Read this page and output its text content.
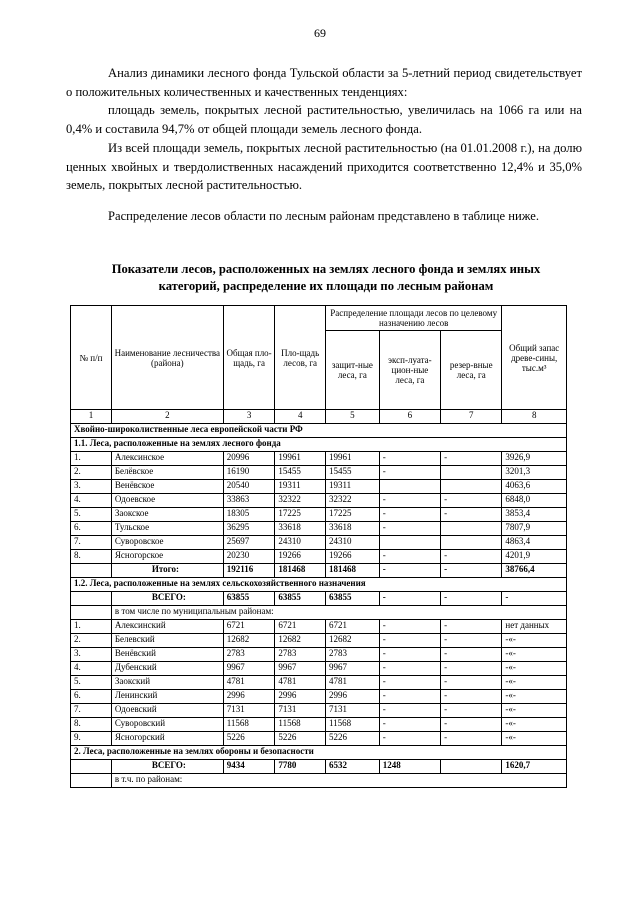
69
Анализ динамики лесного фонда Тульской области за 5-летний период свидетельствует о положительных количественных и качественных тенденциях:
площадь земель, покрытых лесной растительностью, увеличилась на 1066 га или на 0,4% и составила 94,7% от общей площади земель лесного фонда.
Из всей площади земель, покрытых лесной растительностью (на 01.01.2008 г.), на долю ценных хвойных и твердолиственных насаждений приходится соответственно 12,4% и 35,0% земель, покрытых лесной растительностью.
Распределение лесов области по лесным районам представлено в таблице ниже.
Показатели лесов, расположенных на землях лесного фонда и землях иных категорий, распределение их площади по лесным районам
№ п/п	Наименование лесничества (района)	Общая пло-щадь, га	Пло-щадь лесов, га	Распределение площади лесов по целевому назначению лесов			Общий запас древе-сины, тыс.м³
				защит-ные леса, га	эксп-луата-цион-ные леса, га	резер-вные леса, га	
1	2	3	4	5	6	7	8
Хвойно-широколиственные леса европейской части РФ							
1.1. Леса, расположенные на землях лесного фонда							
1.	Алексинское	20996	19961	19961	-	-	3926,9
2.	Белёвское	16190	15455	15455	-		3201,3
3.	Венёвское	20540	19311	19311			4063,6
4.	Одоевское	33863	32322	32322	-	-	6848,0
5.	Заокское	18305	17225	17225	-	-	3853,4
6.	Тульское	36295	33618	33618	-		7807,9
7.	Суворовское	25697	24310	24310			4863,4
8.	Ясногорское	20230	19266	19266	-	-	4201,9
	Итого:	192116	181468	181468	-	-	38766,4
1.2. Леса, расположенные на землях сельскохозяйственного назначения							
	ВСЕГО:	63855	63855	63855	-	-	-
	в том числе по муниципальным районам:						
1.	Алексинский	6721	6721	6721	-	-	нет данных
2.	Белевский	12682	12682	12682	-	-	-«-
3.	Венёвский	2783	2783	2783	-	-	-«-
4.	Дубенский	9967	9967	9967	-	-	-«-
5.	Заокский	4781	4781	4781	-	-	-«-
6.	Ленинский	2996	2996	2996	-	-	-«-
7.	Одоевский	7131	7131	7131	-	-	-«-
8.	Суворовский	11568	11568	11568	-	-	-«-
9.	Ясногорский	5226	5226	5226	-	-	-«-
2. Леса, расположенные на землях обороны и безопасности							
	ВСЕГО:	9434	7780	6532	1248		1620,7
	в т.ч. по районам:						
